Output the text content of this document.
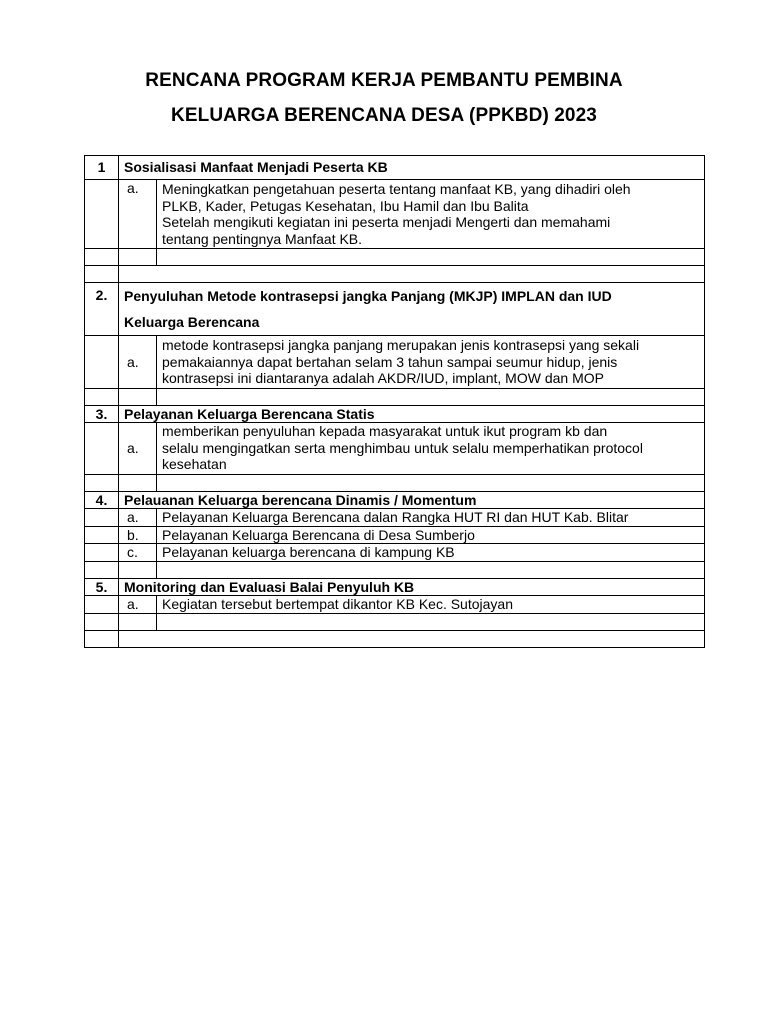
RENCANA PROGRAM KERJA PEMBANTU PEMBINA
KELUARGA BERENCANA DESA (PPKBD) 2023
1	Sosialisasi Manfaat Menjadi Peserta KB	
	a.	Meningkatkan pengetahuan peserta tentang manfaat KB, yang dihadiri oleh
PLKB, Kader, Petugas Kesehatan, Ibu Hamil dan Ibu Balita
Setelah mengikuti kegiatan ini peserta menjadi Mengerti dan memahami
tentang pentingnya Manfaat KB.

2.	Penyuluhan Metode kontrasepsi jangka Panjang (MKJP) IMPLAN dan IUD
Keluarga Berencana	

	a.	metode kontrasepsi jangka panjang merupakan jenis kontrasepsi yang sekali
pemakaiannya dapat bertahan selam 3 tahun sampai seumur hidup, jenis
kontrasepsi ini diantaranya adalah AKDR/IUD, implant, MOW dan MOP

3.	Pelayanan Keluarga Berencana Statis	
	a.	memberikan penyuluhan kepada masyarakat untuk ikut program kb dan
selalu mengingatkan serta menghimbau untuk selalu memperhatikan protocol
kesehatan

4.	Pelauanan Keluarga berencana Dinamis / Momentum	
	a.	Pelayanan Keluarga Berencana dalan Rangka HUT RI dan HUT Kab. Blitar
	b.	Pelayanan Keluarga Berencana di Desa Sumberjo
	c.	Pelayanan keluarga berencana di kampung KB

5.	Monitoring dan Evaluasi Balai Penyuluh KB	
	a.	Kegiatan tersebut bertempat dikantor KB Kec. Sutojayan
